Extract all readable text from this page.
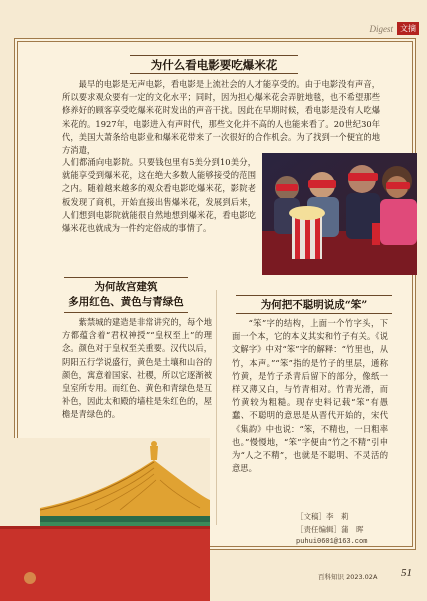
Digest 文摘
为什么看电影要吃爆米花

最早的电影是无声电影，看电影是上流社会的人才能享受的。由于电影没有声音，所以要求观众要有一定的文化水平；同时，因为担心爆米花会弄脏地毯，也不希望那些修养好的顾客享受吃爆米花时发出的声音干扰。因此在早期时候，看电影是没有人吃爆米花的。1927年，电影进入有声时代，那些文化并不高的人也能来看了。20世纪30年代，美国大萧条给电影业和爆米花带来了一次很好的合作机会。为了找到一个便宜的地方消遣，

人们都涌向电影院。只要钱包里有5美分到10美分，就能享受到爆米花，这在绝大多数人能够接受的范围之内。随着越来越多的观众看电影吃爆米花，影院老板发现了商机，开始直接出售爆米花，发展到后来，人们想到电影院就能很自然地想到爆米花，看电影吃爆米花也就成为一件约定俗成的事情了。

为何故宫建筑
多用红色、黄色与青绿色

紫禁城的建造是非常讲究的，每个地方都蕴含着“君权神授”“皇权至上”的理念。颜色对于皇权至关重要。汉代以后，阴阳五行学说盛行，黄色是土壤和山谷的颜色，寓意着国家、社稷，所以它逐渐被皇室所专用。而红色、黄色和青绿色是互补色，因此太和殿的墙柱是朱红色的，屋檐是青绿色的。

为何把不聪明说成“笨”

“笨”字的结构，上面一个竹字头，下面一个本，它的本义其实和竹子有关。《说文解字》中对“笨”字的解释：“竹里也，从竹，本声。”“笨”指的是竹子的里层，通称竹黄，是竹子杀青后留下的部分，像纸一样又薄又白，与竹青相对。竹青光滑，而竹黄较为粗糙。现存史料记载“笨”有愚蠢、不聪明的意思是从晋代开始的，宋代《集韵》中也说：“笨，不精也，一日粗率也。”慢慢地，“笨”字便由“竹之不精”引申为“人之不精”，也就是不聪明、不灵活的意思。

［文稿］李　莉
［责任编辑］蒲　晖
puhui0601@163.com
百科知识 2023.02A 51
